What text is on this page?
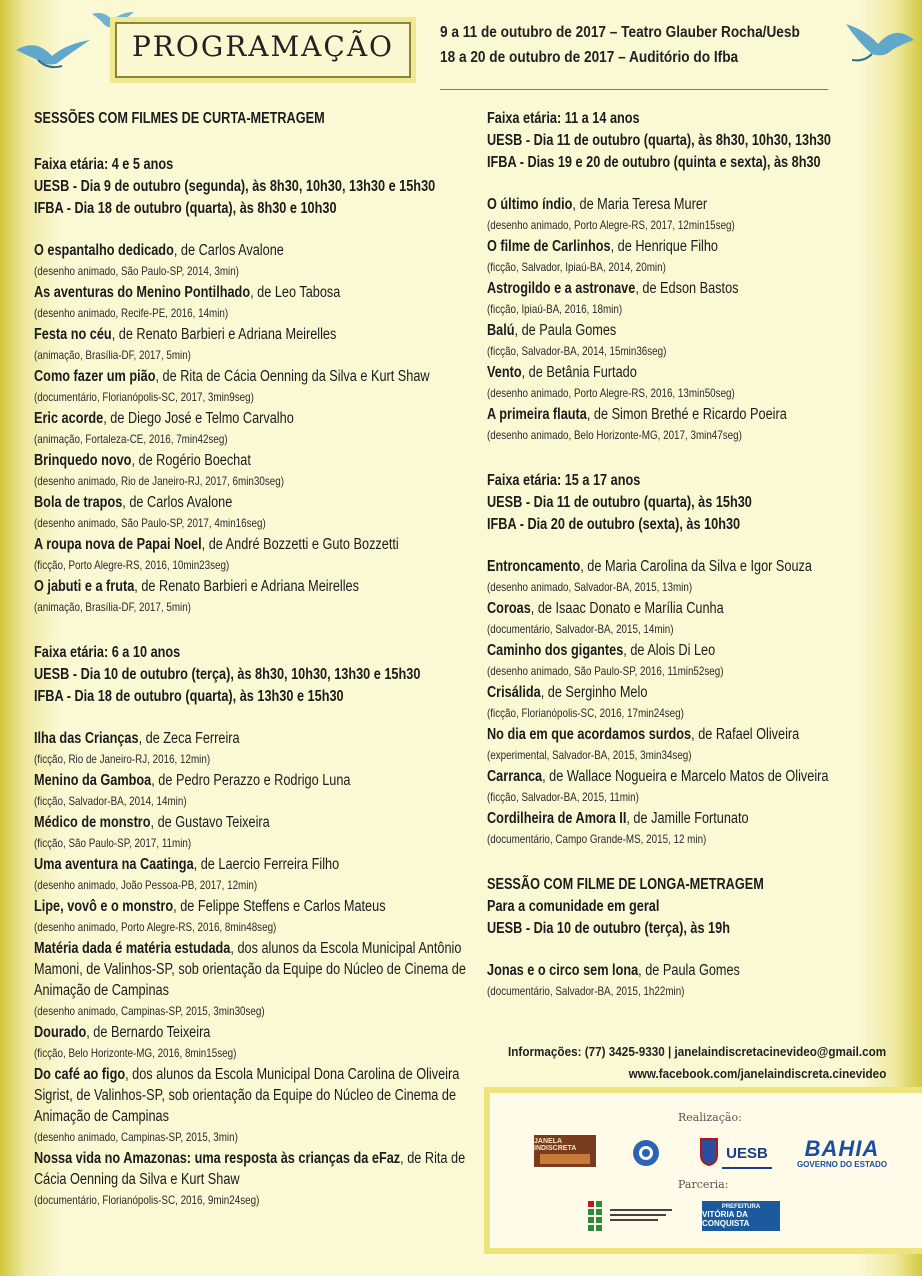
PROGRAMAÇÃO	9 a 11 de outubro de 2017 – Teatro Glauber Rocha/Uesb
18 a 20 de outubro de 2017 – Auditório do Ifba
SESSÕES COM FILMES DE CURTA-METRAGEM
Faixa etária: 4 e 5 anos
UESB - Dia 9 de outubro (segunda), às 8h30, 10h30, 13h30 e 15h30
IFBA - Dia 18 de outubro (quarta), às 8h30 e 10h30
O espantalho dedicado, de Carlos Avalone
(desenho animado, São Paulo-SP, 2014, 3min)
As aventuras do Menino Pontilhado, de Leo Tabosa
(desenho animado, Recife-PE, 2016, 14min)
Festa no céu, de Renato Barbieri e Adriana Meirelles
(animação, Brasília-DF, 2017, 5min)
Como fazer um pião, de Rita de Cácia Oenning da Silva e Kurt Shaw
(documentário, Florianópolis-SC, 2017, 3min9seg)
Eric acorde, de Diego José e Telmo Carvalho
(animação, Fortaleza-CE, 2016, 7min42seg)
Brinquedo novo, de Rogério Boechat
(desenho animado, Rio de Janeiro-RJ, 2017, 6min30seg)
Bola de trapos, de Carlos Avalone
(desenho animado, São Paulo-SP, 2017, 4min16seg)
A roupa nova de Papai Noel, de André Bozzetti e Guto Bozzetti
(ficção, Porto Alegre-RS, 2016, 10min23seg)
O jabuti e a fruta, de Renato Barbieri e Adriana Meirelles
(animação, Brasília-DF, 2017, 5min)
Faixa etária: 6 a 10 anos
UESB - Dia 10 de outubro (terça), às 8h30, 10h30, 13h30 e 15h30
IFBA - Dia 18 de outubro (quarta), às 13h30 e 15h30
Ilha das Crianças, de Zeca Ferreira
(ficção, Rio de Janeiro-RJ, 2016, 12min)
Menino da Gamboa, de Pedro Perazzo e Rodrigo Luna
(ficção, Salvador-BA, 2014, 14min)
Médico de monstro, de Gustavo Teixeira
(ficção, São Paulo-SP, 2017, 11min)
Uma aventura na Caatinga, de Laercio Ferreira Filho
(desenho animado, João Pessoa-PB, 2017, 12min)
Lipe, vovô e o monstro, de Felippe Steffens e Carlos Mateus
(desenho animado, Porto Alegre-RS, 2016, 8min48seg)
Matéria dada é matéria estudada, dos alunos da Escola Municipal Antônio
Mamoni, de Valinhos-SP, sob orientação da Equipe do Núcleo de Cinema de
Animação de Campinas
(desenho animado, Campinas-SP, 2015, 3min30seg)
Dourado, de Bernardo Teixeira
(ficção, Belo Horizonte-MG, 2016, 8min15seg)
Do café ao figo, dos alunos da Escola Municipal Dona Carolina de Oliveira
Sigrist, de Valinhos-SP, sob orientação da Equipe do Núcleo de Cinema de
Animação de Campinas
(desenho animado, Campinas-SP, 2015, 3min)
Nossa vida no Amazonas: uma resposta às crianças da eFaz, de Rita de
Cácia Oenning da Silva e Kurt Shaw
(documentário, Florianópolis-SC, 2016, 9min24seg)
Faixa etária: 11 a 14 anos
UESB - Dia 11 de outubro (quarta), às 8h30, 10h30, 13h30
IFBA - Dias 19 e 20 de outubro (quinta e sexta), às 8h30
O último índio, de Maria Teresa Murer
(desenho animado, Porto Alegre-RS, 2017, 12min15seg)
O filme de Carlinhos, de Henrique Filho
(ficção, Salvador, Ipiaú-BA, 2014, 20min)
Astrogildo e a astronave, de Edson Bastos
(ficção, Ipiaú-BA, 2016, 18min)
Balú, de Paula Gomes
(ficção, Salvador-BA, 2014, 15min36seg)
Vento, de Betânia Furtado
(desenho animado, Porto Alegre-RS, 2016, 13min50seg)
A primeira flauta, de Simon Brethé e Ricardo Poeira
(desenho animado, Belo Horizonte-MG, 2017, 3min47seg)
Faixa etária: 15 a 17 anos
UESB - Dia 11 de outubro (quarta), às 15h30
IFBA - Dia 20 de outubro (sexta), às 10h30
Entroncamento, de Maria Carolina da Silva e Igor Souza
(desenho animado, Salvador-BA, 2015, 13min)
Coroas, de Isaac Donato e Marília Cunha
(documentário, Salvador-BA, 2015, 14min)
Caminho dos gigantes, de Alois Di Leo
(desenho animado, São Paulo-SP, 2016, 11min52seg)
Crisálida, de Serginho Melo
(ficção, Florianópolis-SC, 2016, 17min24seg)
No dia em que acordamos surdos, de Rafael Oliveira
(experimental, Salvador-BA, 2015, 3min34seg)
Carranca, de Wallace Nogueira e Marcelo Matos de Oliveira
(ficção, Salvador-BA, 2015, 11min)
Cordilheira de Amora II, de Jamille Fortunato
(documentário, Campo Grande-MS, 2015, 12 min)
SESSÃO COM FILME DE LONGA-METRAGEM
Para a comunidade em geral
UESB - Dia 10 de outubro (terça), às 19h
Jonas e o circo sem lona, de Paula Gomes
(documentário, Salvador-BA, 2015, 1h22min)
Informações: (77) 3425-9330 | janelaindiscretacinevideo@gmail.com
www.facebook.com/janelaindiscreta.cinevideo
Realização:
Parceria:
JANELA INDISCRETA	UESB BAHIA
GOVERNO DO ESTADO
PREFEITURA
VITÓRIA DA CONQUISTA
